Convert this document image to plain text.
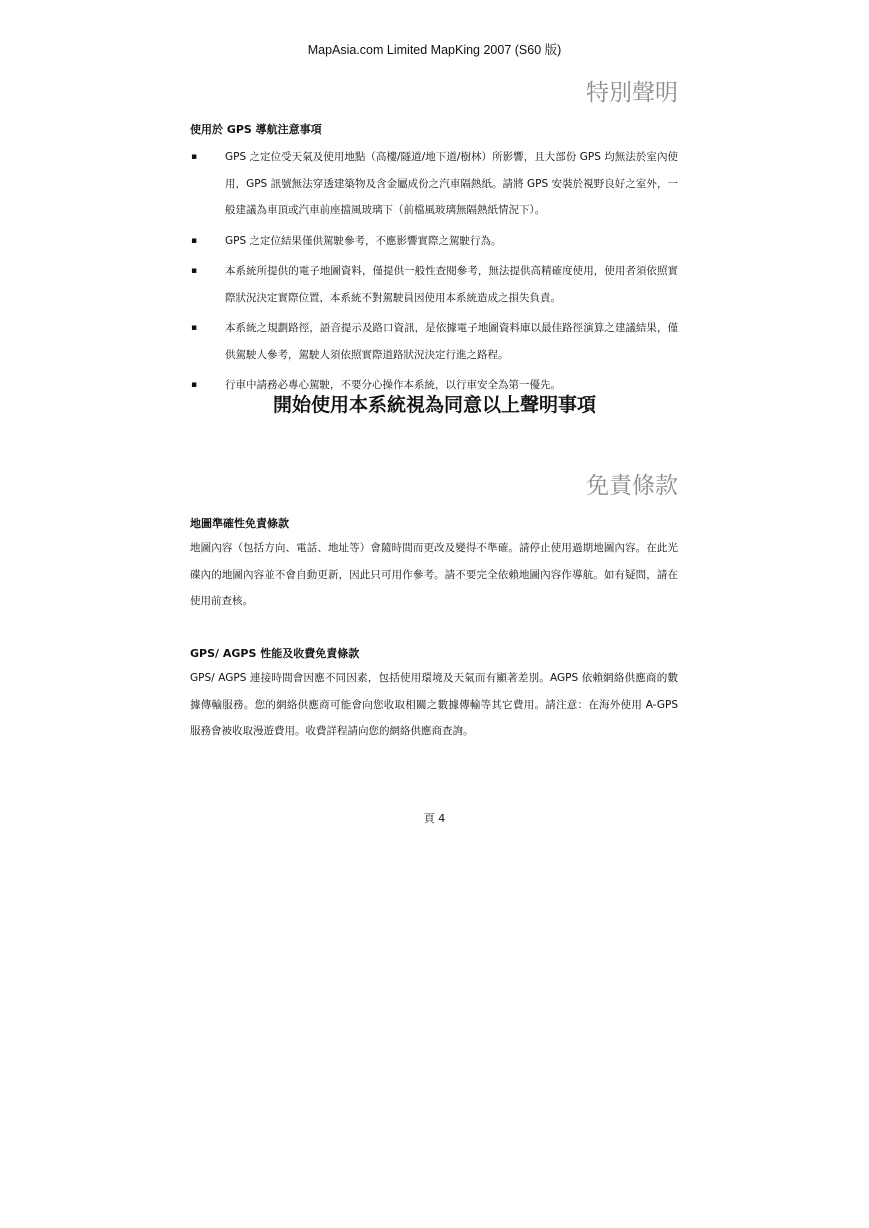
MapAsia.com Limited MapKing 2007 (S60 版)
特別聲明
使用於 GPS 導航注意事項
▪	GPS 之定位受天氣及使用地點（高樓/隧道/地下道/樹林）所影響，且大部份 GPS 均無法於室內使用，GPS 訊號無法穿透建築物及含金屬成份之汽車隔熱紙。請將 GPS 安裝於視野良好之室外，一般建議為車頂或汽車前座擋風玻璃下（前檔風玻璃無隔熱紙情況下）。
▪	GPS 之定位結果僅供駕駛參考，不應影響實際之駕駛行為。
▪	本系統所提供的電子地圖資料，僅提供一般性查閱參考，無法提供高精確度使用，使用者須依照實際狀況決定實際位置，本系統不對駕駛員因使用本系統造成之損失負責。
▪	本系統之規劃路徑，語音提示及路口資訊，是依據電子地圖資料庫以最佳路徑演算之建議結果，僅供駕駛人參考，駕駛人須依照實際道路狀況決定行進之路程。
▪	行車中請務必專心駕駛，不要分心操作本系統，以行車安全為第一優先。
開始使用本系統視為同意以上聲明事項
免責條款
地圖準確性免責條款

地圖內容（包括方向、電話、地址等）會隨時間而更改及變得不準確。請停止使用過期地圖內容。在此光碟內的地圖內容並不會自動更新，因此只可用作參考。請不要完全依賴地圖內容作導航。如有疑問，請在使用前查核。

GPS/ AGPS 性能及收費免責條款

GPS/ AGPS 連接時間會因應不同因素，包括使用環境及天氣而有顯著差別。AGPS 依賴網絡供應商的數據傳輸服務。您的網絡供應商可能會向您收取相關之數據傳輸等其它費用。請注意：在海外使用 A-GPS 服務會被收取漫遊費用。收費詳程請向您的網絡供應商查詢。

頁 4
